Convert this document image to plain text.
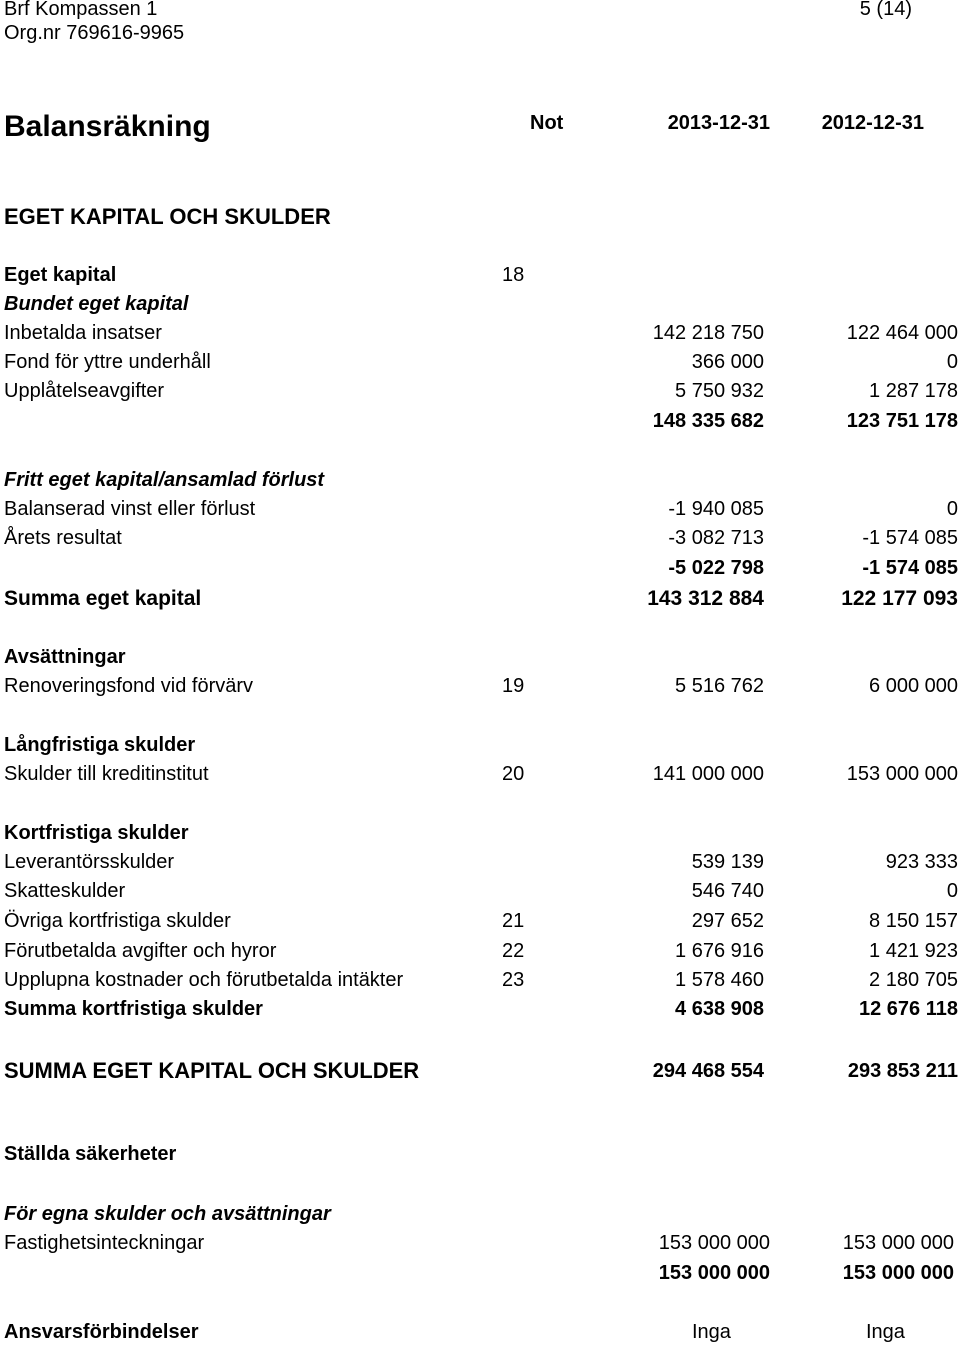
Brf Kompassen 1	5 (14)
Org.nr 769616-9965
Balansräkning	Not	2013-12-31	2012-12-31
EGET KAPITAL OCH SKULDER
Eget kapital	18
Bundet eget kapital
Inbetalda insatser	142 218 750	122 464 000
Fond för yttre underhåll	366 000	0
Upplåtelseavgifter	5 750 932	1 287 178
148 335 682	123 751 178
Fritt eget kapital/ansamlad förlust
Balanserad vinst eller förlust	-1 940 085	0
Årets resultat	-3 082 713	-1 574 085
-5 022 798	-1 574 085
Summa eget kapital	143 312 884	122 177 093
Avsättningar
Renoveringsfond vid förvärv	19	5 516 762	6 000 000
Långfristiga skulder
Skulder till kreditinstitut	20	141 000 000	153 000 000
Kortfristiga skulder
Leverantörsskulder	539 139	923 333
Skatteskulder	546 740	0
Övriga kortfristiga skulder	21	297 652	8 150 157
Förutbetalda avgifter och hyror	22	1 676 916	1 421 923
Upplupna kostnader och förutbetalda intäkter	23	1 578 460	2 180 705
Summa kortfristiga skulder	4 638 908	12 676 118
SUMMA EGET KAPITAL OCH SKULDER	294 468 554	293 853 211
Ställda säkerheter
För egna skulder och avsättningar
Fastighetsinteckningar	153 000 000	153 000 000
153 000 000	153 000 000
Ansvarsförbindelser	Inga	Inga
